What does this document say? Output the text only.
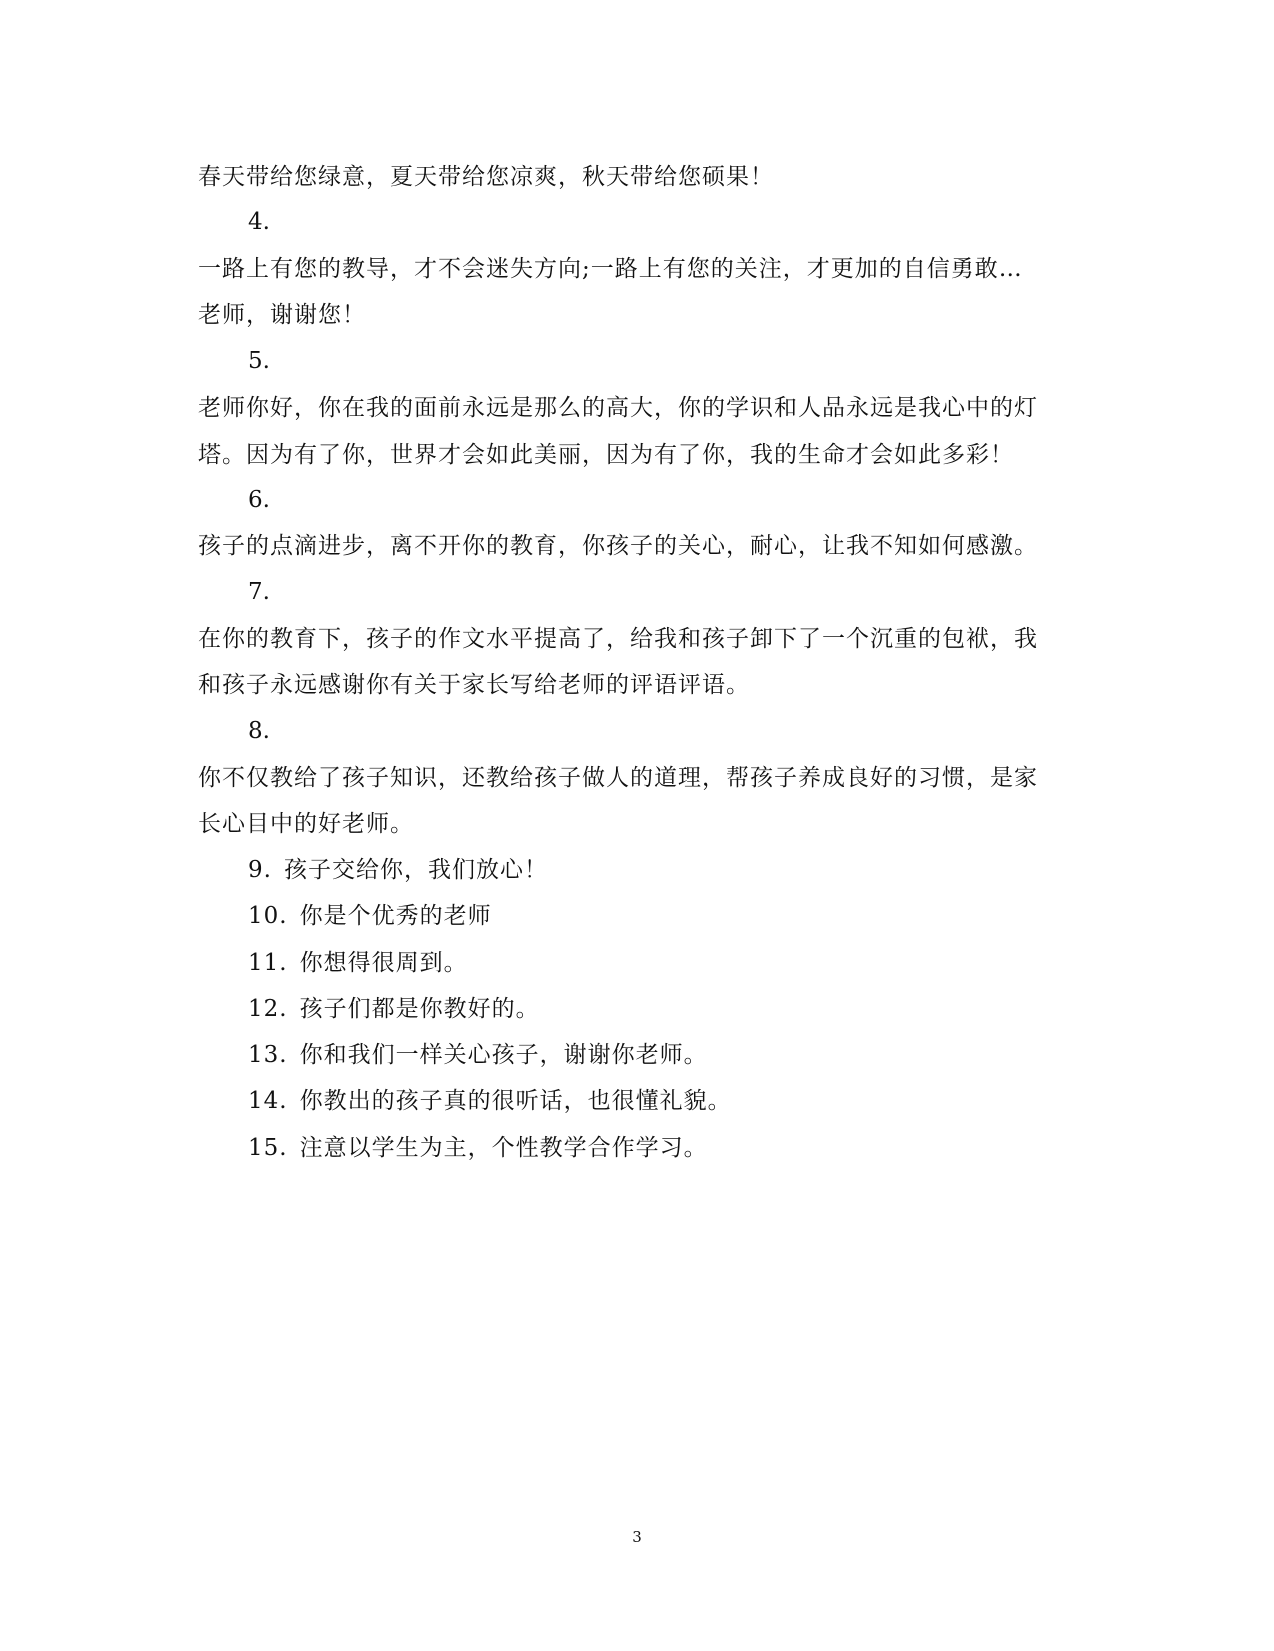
春天带给您绿意，夏天带给您凉爽，秋天带给您硕果！
4.
一路上有您的教导，才不会迷失方向;一路上有您的关注，才更加的自信勇敢…
老师，谢谢您！
5.
老师你好，你在我的面前永远是那么的高大，你的学识和人品永远是我心中的灯
塔。因为有了你，世界才会如此美丽，因为有了你，我的生命才会如此多彩！
6.
孩子的点滴进步，离不开你的教育，你孩子的关心，耐心，让我不知如何感激。
7.
在你的教育下，孩子的作文水平提高了，给我和孩子卸下了一个沉重的包袱，我
和孩子永远感谢你有关于家长写给老师的评语评语。
8.
你不仅教给了孩子知识，还教给孩子做人的道理，帮孩子养成良好的习惯，是家
长心目中的好老师。
9. 孩子交给你，我们放心！
10. 你是个优秀的老师
11. 你想得很周到。
12. 孩子们都是你教好的。
13. 你和我们一样关心孩子，谢谢你老师。
14. 你教出的孩子真的很听话，也很懂礼貌。
15. 注意以学生为主，个性教学合作学习。
3
